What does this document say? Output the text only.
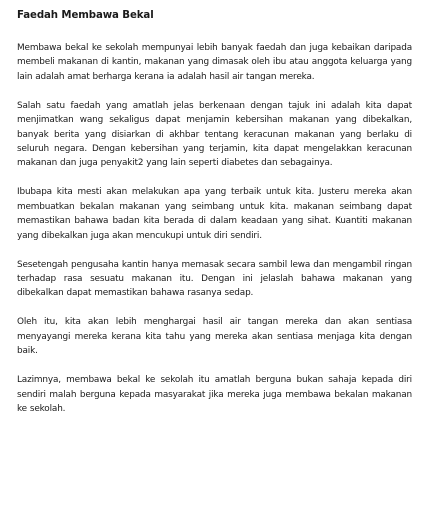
Faedah Membawa Bekal

Membawa bekal ke sekolah mempunyai lebih banyak faedah dan juga kebaikan daripada membeli makanan di kantin, makanan yang dimasak oleh ibu atau anggota keluarga yang lain adalah amat berharga kerana ia adalah hasil air tangan mereka.

Salah satu faedah yang amatlah jelas berkenaan dengan tajuk ini adalah kita dapat menjimatkan wang sekaligus dapat menjamin kebersihan makanan yang dibekalkan, banyak berita yang disiarkan di akhbar tentang keracunan makanan yang berlaku di seluruh negara. Dengan kebersihan yang terjamin, kita dapat mengelakkan keracunan makanan dan juga penyakit2 yang lain seperti diabetes dan sebagainya.

Ibubapa kita mesti akan melakukan apa yang terbaik untuk kita. Justeru mereka akan membuatkan bekalan makanan yang seimbang untuk kita. makanan seimbang dapat memastikan bahawa badan kita berada di dalam keadaan yang sihat. Kuantiti makanan yang dibekalkan juga akan mencukupi untuk diri sendiri.

Sesetengah pengusaha kantin hanya memasak secara sambil lewa dan mengambil ringan terhadap rasa sesuatu makanan itu. Dengan ini jelaslah bahawa makanan yang dibekalkan dapat memastikan bahawa rasanya sedap.

Oleh itu, kita akan lebih menghargai hasil air tangan mereka dan akan sentiasa menyayangi mereka kerana kita tahu yang mereka akan sentiasa menjaga kita dengan baik.

Lazimnya, membawa bekal ke sekolah itu amatlah berguna bukan sahaja kepada diri sendiri malah berguna kepada masyarakat jika mereka juga membawa bekalan makanan ke sekolah.
